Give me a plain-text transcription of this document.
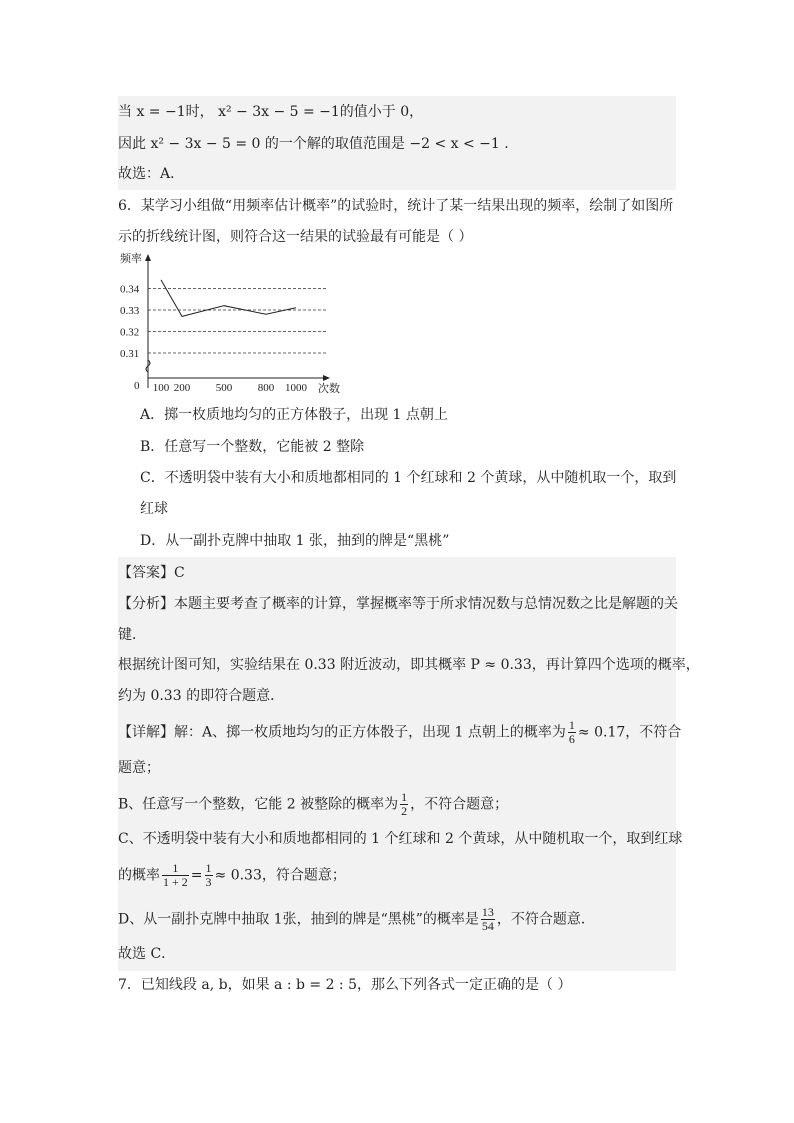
当 x = −1时， x² − 3x − 5 = −1的值小于 0，
因此 x² − 3x − 5 = 0 的一个解的取值范围是 −2 < x < −1 .
故选：A．
6．某学习小组做“用频率估计概率”的试验时，统计了某一结果出现的频率，绘制了如图所
示的折线统计图，则符合这一结果的试验最有可能是（ ）
频率
次数
0
0.34
0.33
0.32
0.31
100 200 500 800 1000
A．掷一枚质地均匀的正方体骰子，出现 1 点朝上
B．任意写一个整数，它能被 2 整除
C．不透明袋中装有大小和质地都相同的 1 个红球和 2 个黄球，从中随机取一个，取到
红球
D．从一副扑克牌中抽取 1 张，抽到的牌是“黑桃”
【答案】C
【分析】本题主要考查了概率的计算，掌握概率等于所求情况数与总情况数之比是解题的关
键．
根据统计图可知，实验结果在 0.33 附近波动，即其概率 P ≈ 0.33，再计算四个选项的概率，
约为 0.33 的即符合题意．
【详解】解：A、掷一枚质地均匀的正方体骰子，出现 1 点朝上的概率为 $\frac{1}{6} \approx 0.17$，不符合
题意；
B、任意写一个整数，它能 2 被整除的概率为 $\frac{1}{2}$ ，不符合题意；
C、不透明袋中装有大小和质地都相同的 1 个红球和 2 个黄球，从中随机取一个，取到红球
的概率 $\frac{1}{1 + 2} = \frac{1}{3} \approx 0.33$，符合题意；
D、从一副扑克牌中抽取 1张，抽到的牌是“黑桃”的概率是 $\frac{13}{54}$ ，不符合题意．
故选 C．
7．已知线段 a, b，如果 a : b = 2 : 5，那么下列各式一定正确的是（ ）
